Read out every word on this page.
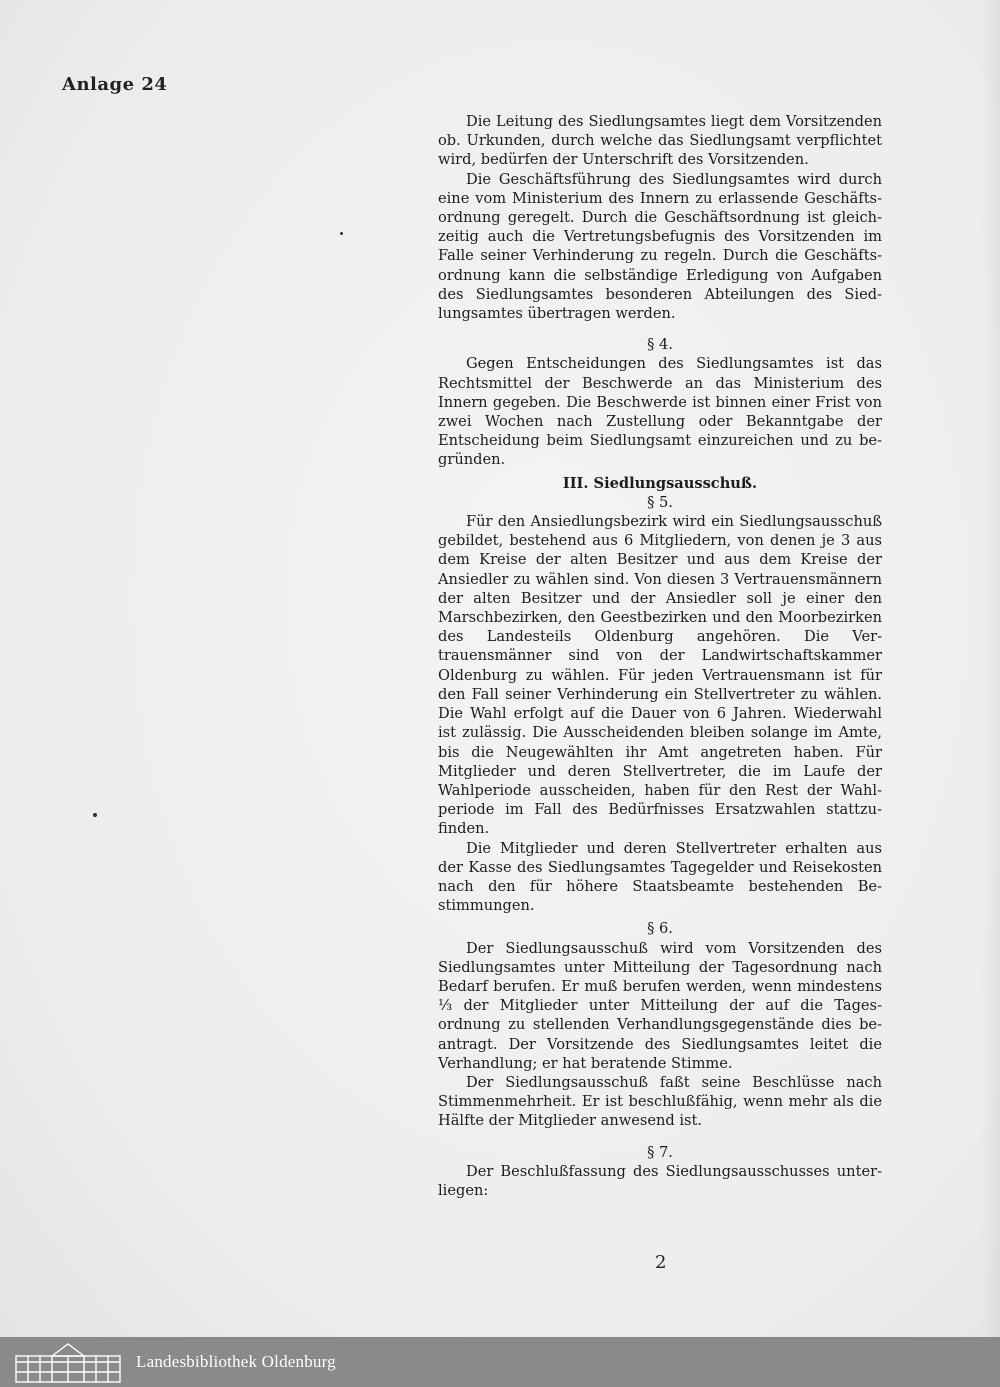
Anlage 24

Die Leitung des Siedlungsamtes liegt dem Vorsitzenden ob. Urkunden, durch welche das Siedlungsamt verpflichtet wird, bedürfen der Unterschrift des Vorsitzenden.

Die Geschäftsführung des Siedlungsamtes wird durch eine vom Ministerium des Innern zu erlassende Geschäftsordnung geregelt. Durch die Geschäftsordnung ist gleichzeitig auch die Vertretungsbefugnis des Vorsitzenden im Falle seiner Verhinderung zu regeln. Durch die Geschäftsordnung kann die selbständige Erledigung von Aufgaben des Siedlungsamtes besonderen Abteilungen des Siedlungsamtes übertragen werden.

§ 4.

Gegen Entscheidungen des Siedlungsamtes ist das Rechtsmittel der Beschwerde an das Ministerium des Innern gegeben. Die Beschwerde ist binnen einer Frist von zwei Wochen nach Zustellung oder Bekanntgabe der Entscheidung beim Siedlungsamt einzureichen und zu begründen.

III. Siedlungsausschuß.

§ 5.

Für den Ansiedlungsbezirk wird ein Siedlungsausschuß gebildet, bestehend aus 6 Mitgliedern, von denen je 3 aus dem Kreise der alten Besitzer und aus dem Kreise der Ansiedler zu wählen sind. Von diesen 3 Vertrauensmännern der alten Besitzer und der Ansiedler soll je einer den Marschbezirken, den Geestbezirken und den Moorbezirken des Landesteils Oldenburg angehören. Die Vertrauensmänner sind von der Landwirtschaftskammer Oldenburg zu wählen. Für jeden Vertrauensmann ist für den Fall seiner Verhinderung ein Stellvertreter zu wählen. Die Wahl erfolgt auf die Dauer von 6 Jahren. Wiederwahl ist zulässig. Die Ausscheidenden bleiben solange im Amte, bis die Neugewählten ihr Amt angetreten haben. Für Mitglieder und deren Stellvertreter, die im Laufe der Wahlperiode ausscheiden, haben für den Rest der Wahlperiode im Fall des Bedürfnisses Ersatzwahlen stattzufinden.

Die Mitglieder und deren Stellvertreter erhalten aus der Kasse des Siedlungsamtes Tagegelder und Reisekosten nach den für höhere Staatsbeamte bestehenden Bestimmungen.

§ 6.

Der Siedlungsausschuß wird vom Vorsitzenden des Siedlungsamtes unter Mitteilung der Tagesordnung nach Bedarf berufen. Er muß berufen werden, wenn mindestens ⅓ der Mitglieder unter Mitteilung der auf die Tagesordnung zu stellenden Verhandlungsgegenstände dies beantragt. Der Vorsitzende des Siedlungsamtes leitet die Verhandlung; er hat beratende Stimme.

Der Siedlungsausschuß faßt seine Beschlüsse nach Stimmenmehrheit. Er ist beschlußfähig, wenn mehr als die Hälfte der Mitglieder anwesend ist.

§ 7.

Der Beschlußfassung des Siedlungsausschusses unterliegen:

2
Landesbibliothek Oldenburg
